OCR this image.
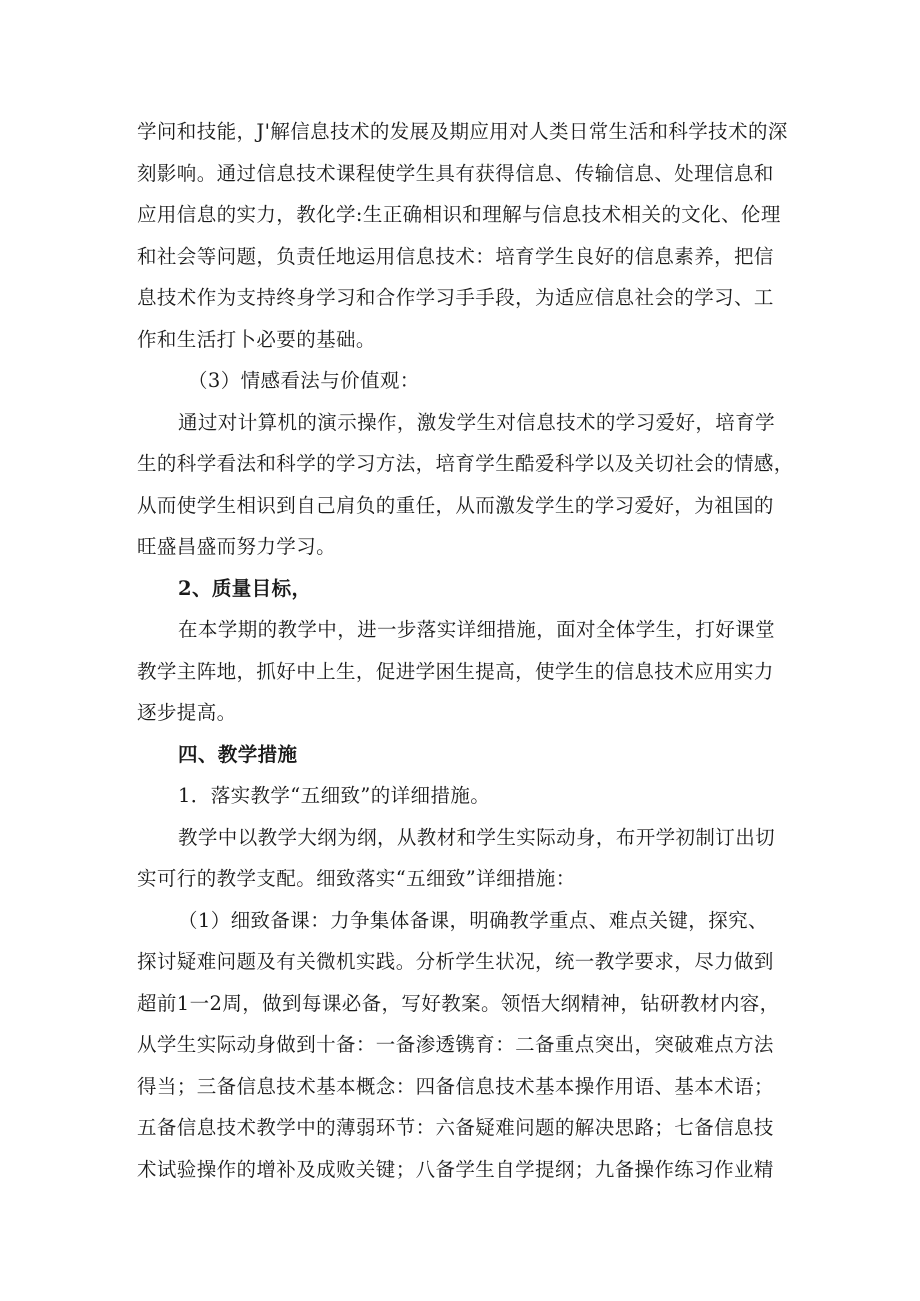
学问和技能，J'解信息技术的发展及期应用对人类日常生活和科学技术的深
刻影响。通过信息技术课程使学生具有获得信息、传输信息、处理信息和
应用信息的实力，教化学:生正确相识和理解与信息技术相关的文化、伦理
和社会等问题，负责任地运用信息技术：培育学生良好的信息素养，把信
息技术作为支持终身学习和合作学习手手段，为适应信息社会的学习、工
作和生活打卜必要的基础。
（3）情感看法与价值观：
通过对计算机的演示操作，激发学生对信息技术的学习爱好，培育学
生的科学看法和科学的学习方法，培育学生酷爱科学以及关切社会的情感，
从而使学生相识到自己肩负的重任，从而激发学生的学习爱好，为祖国的
旺盛昌盛而努力学习。
2、质量目标，
在本学期的教学中，进一步落实详细措施，面对全体学生，打好课堂
教学主阵地，抓好中上生，促进学困生提高，使学生的信息技术应用实力
逐步提高。
四、教学措施
1．落实教学“五细致”的详细措施。
教学中以教学大纲为纲，从教材和学生实际动身，布开学初制订出切
实可行的教学支配。细致落实“五细致”详细措施：
（1）细致备课：力争集体备课，明确教学重点、难点关键，探究、
探讨疑难问题及有关微机实践。分析学生状况，统一教学要求，尽力做到
超前1一2周，做到每课必备，写好教案。领悟大纲精神，钻研教材内容，
从学生实际动身做到十备：一备渗透镌育：二备重点突出，突破难点方法
得当；三备信息技术基本概念：四备信息技术基本操作用语、基本术语；
五备信息技术教学中的薄弱环节：六备疑难问题的解决思路；七备信息技
术试验操作的增补及成败关键；八备学生自学提纲；九备操作练习作业精
